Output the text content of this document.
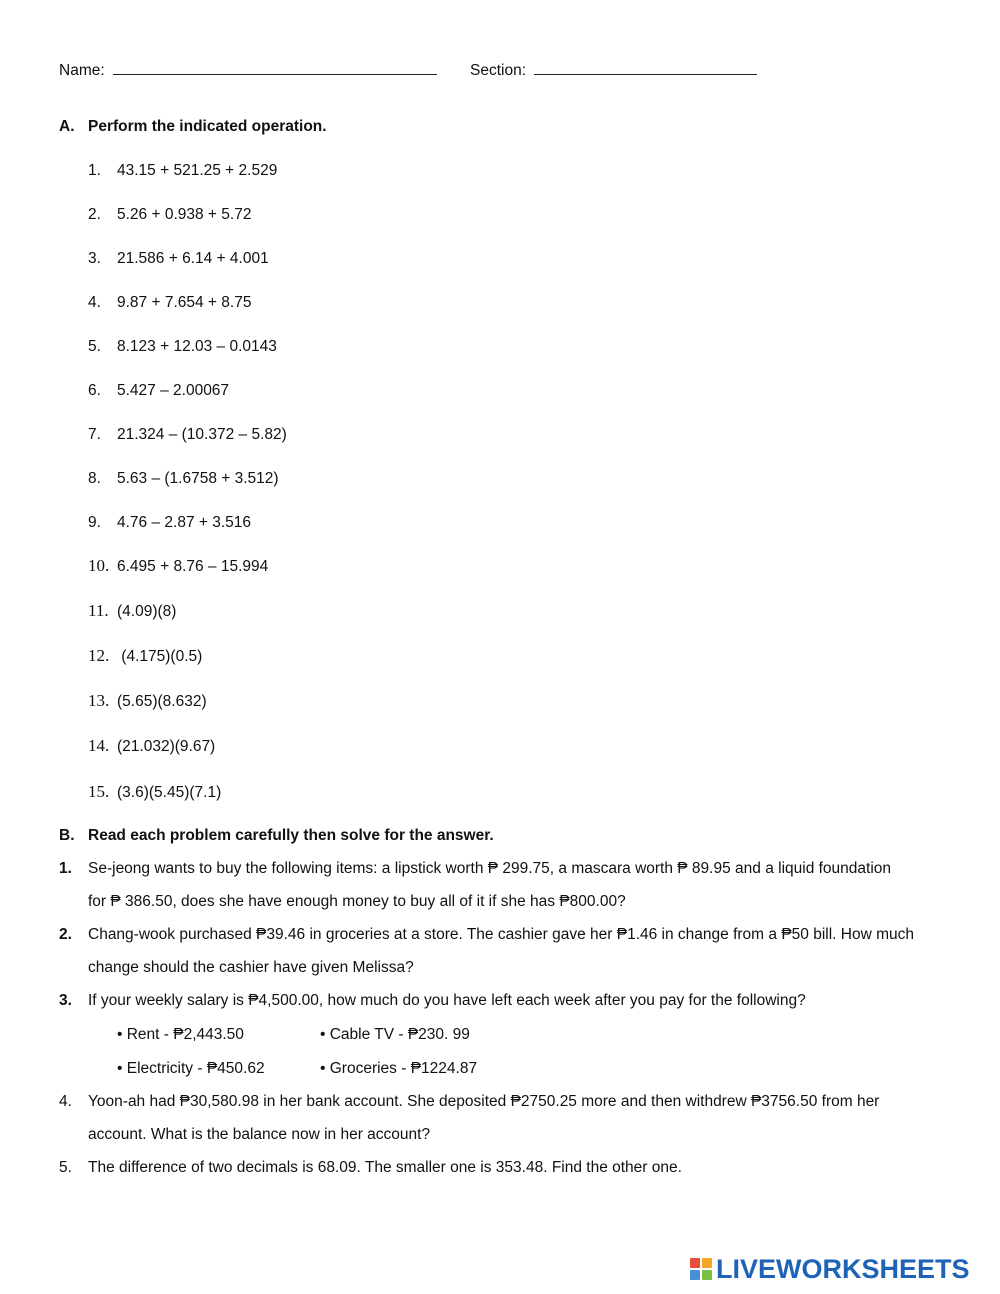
Name:	Section:
A. Perform the indicated operation.
1.	43.15 + 521.25 + 2.529
2.	5.26 + 0.938 + 5.72
3.	21.586 + 6.14 + 4.001
4.	9.87 + 7.654 + 8.75
5.	8.123 + 12.03 – 0.0143
6.	5.427 – 2.00067
7.	21.324 – (10.372 – 5.82)
8.	5.63 – (1.6758 + 3.512)
9.	4.76 – 2.87 + 3.516
10. 6.495 + 8.76 – 15.994
11. (4.09)(8)
12. (4.175)(0.5)
13. (5.65)(8.632)
14. (21.032)(9.67)
15. (3.6)(5.45)(7.1)
B. Read each problem carefully then solve for the answer.
1. Se-jeong wants to buy the following items: a lipstick worth ₱ 299.75, a mascara worth ₱ 89.95 and a liquid foundation
for ₱ 386.50, does she have enough money to buy all of it if she has ₱800.00?
2. Chang-wook purchased ₱39.46 in groceries at a store. The cashier gave her ₱1.46 in change from a ₱50 bill. How much
change should the cashier have given Melissa?
3. If your weekly salary is ₱4,500.00, how much do you have left each week after you pay for the following?
• Rent - ₱2,443.50	• Cable TV - ₱230. 99
• Electricity - ₱450.62	• Groceries - ₱1224.87
4. Yoon-ah had ₱30,580.98 in her bank account. She deposited ₱2750.25 more and then withdrew ₱3756.50 from her
account. What is the balance now in her account?
5. The difference of two decimals is 68.09. The smaller one is 353.48. Find the other one.
LIVEWORKSHEETS
